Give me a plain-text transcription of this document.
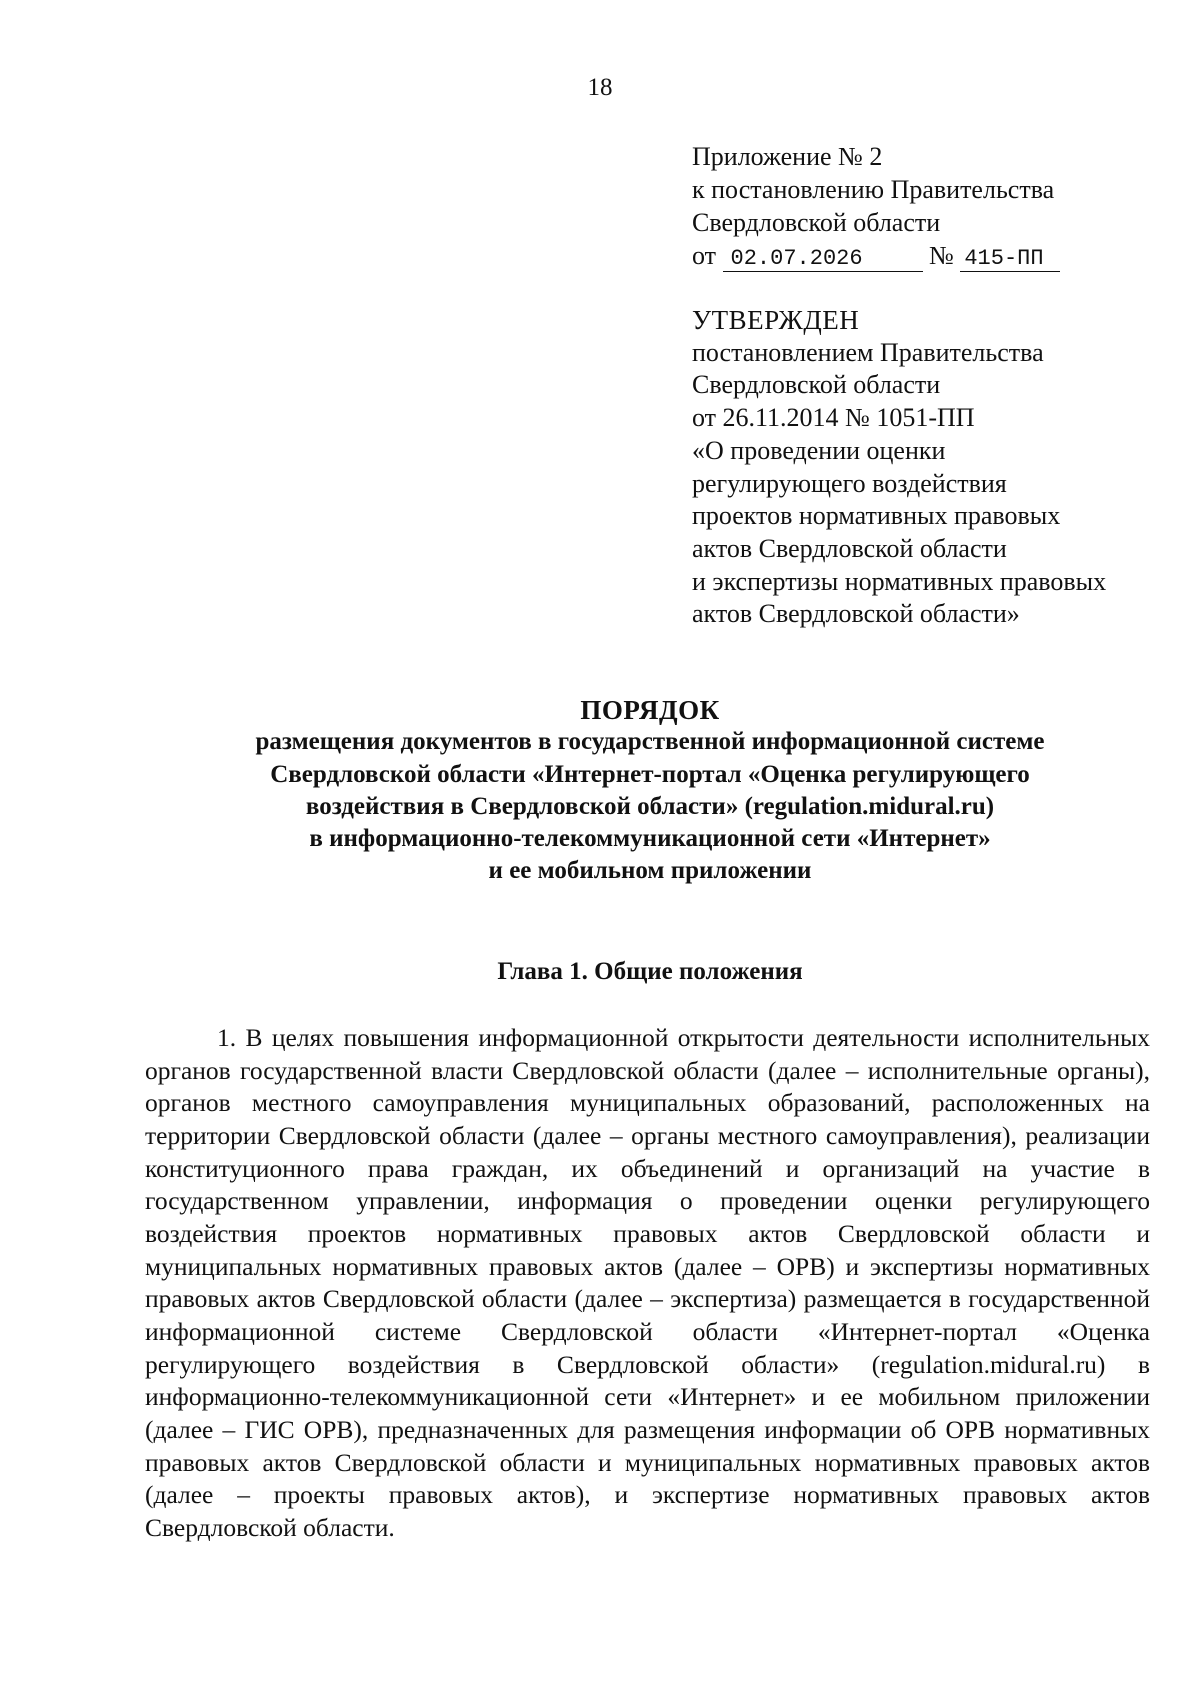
18
Приложение № 2
к постановлению Правительства
Свердловской области
от 02.07.2026	№ 415-ПП
УТВЕРЖДЕН
постановлением Правительства
Свердловской области
от 26.11.2014 № 1051-ПП
«О проведении оценки
регулирующего воздействия
проектов нормативных правовых
актов Свердловской области
и экспертизы нормативных правовых
актов Свердловской области»
ПОРЯДОК
размещения документов в государственной информационной системе
Свердловской области «Интернет-портал «Оценка регулирующего
воздействия в Свердловской области» (regulation.midural.ru)
в информационно-телекоммуникационной сети «Интернет»
и ее мобильном приложении
Глава 1. Общие положения

1. В целях повышения информационной открытости деятельности исполнительных органов государственной власти Свердловской области (далее – исполнительные органы), органов местного самоуправления муниципальных образований, расположенных на территории Свердловской области (далее – органы местного самоуправления), реализации конституционного права граждан, их объединений и организаций на участие в государственном управлении, информация о проведении оценки регулирующего воздействия проектов нормативных правовых актов Свердловской области и муниципальных нормативных правовых актов (далее – ОРВ) и экспертизы нормативных правовых актов Свердловской области (далее – экспертиза) размещается в государственной информационной системе Свердловской области «Интернет-портал «Оценка регулирующего воздействия в Свердловской области» (regulation.midural.ru) в информационно-телекоммуникационной сети «Интернет» и ее мобильном приложении (далее – ГИС ОРВ), предназначенных для размещения информации об ОРВ нормативных правовых актов Свердловской области и муниципальных нормативных правовых актов (далее – проекты правовых актов), и экспертизе нормативных правовых актов Свердловской области.
